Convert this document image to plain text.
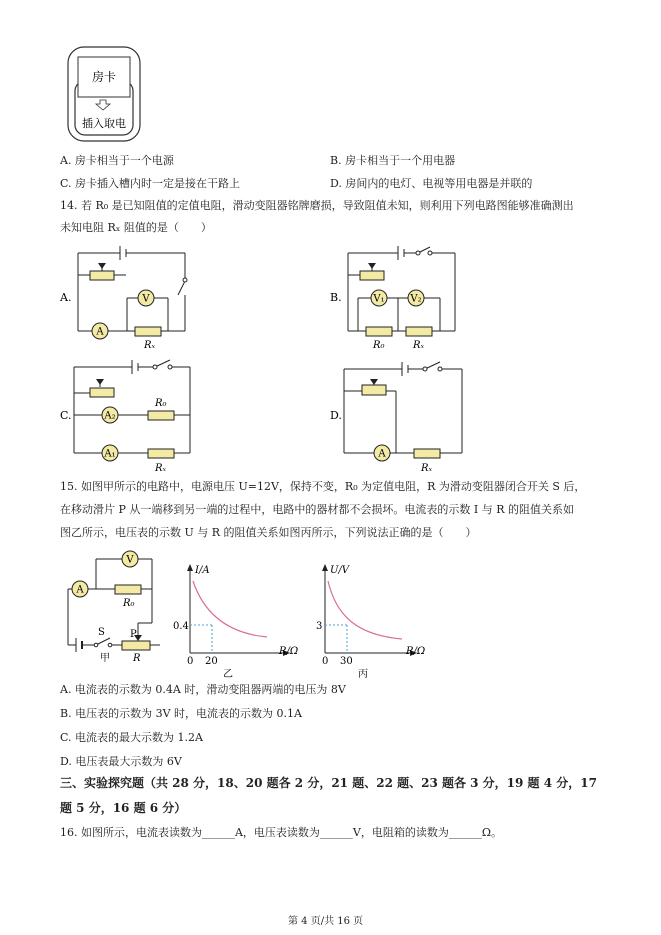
房卡
插入取电
A. 房卡相当于一个电源	B. 房卡相当于一个用电器
C. 房卡插入槽内时一定是接在干路上	D. 房间内的电灯、电视等用电器是并联的
14. 若 R₀ 是已知阻值的定值电阻，滑动变阻器铭牌磨损，导致阻值未知，则利用下列电路图能够准确测出
未知电阻 Rₓ 阻值的是（　　）
A.
A
V
Rₓ
B.	V₁	V₂
R₀	Rₓ
C.	A₂
R₀
A₁
Rₓ
D.
A
Rₓ
15. 如图甲所示的电路中，电源电压 U=12V，保持不变，R₀ 为定值电阻，R 为滑动变阻器闭合开关 S 后，
在移动滑片 P 从一端移到另一端的过程中，电路中的器材都不会损坏。电流表的示数 I 与 R 的阻值关系如
图乙所示，电压表的示数 U 与 R 的阻值关系如图丙所示，下列说法正确的是（　　）
A
V
R₀
S	P
R
甲
I/A
R/Ω
0 20
0.4
乙
U/V
R/Ω
0 30
3
丙
A. 电流表的示数为 0.4A 时，滑动变阻器两端的电压为 8V
B. 电压表的示数为 3V 时，电流表的示数为 0.1A
C. 电流表的最大示数为 1.2A
D. 电压表最大示数为 6V
三、实验探究题（共 28 分，18、20 题各 2 分，21 题、22 题、23 题各 3 分，19 题 4 分，17
题 5 分，16 题 6 分）
16. 如图所示，电流表读数为______A，电压表读数为______V，电阻箱的读数为______Ω。
第 4 页/共 16 页
